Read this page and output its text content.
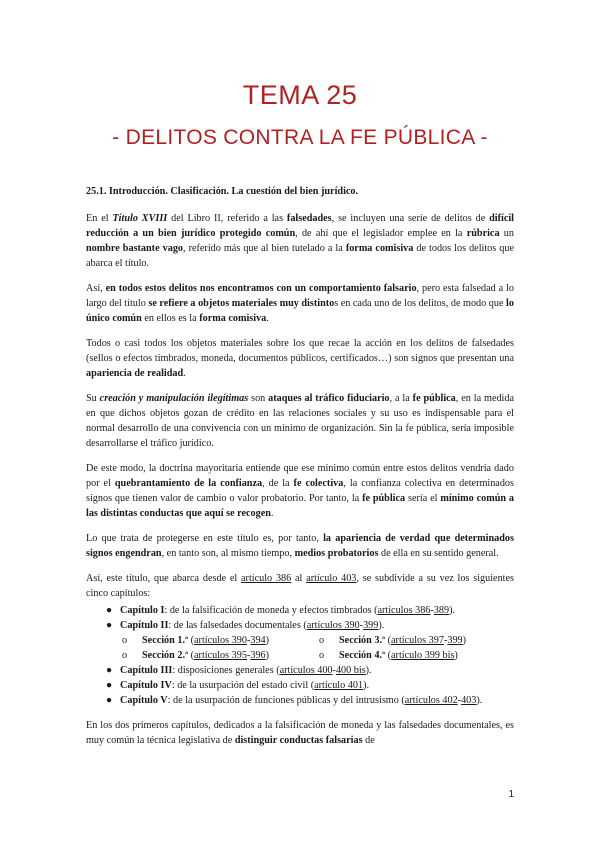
TEMA 25
- DELITOS CONTRA LA FE PÚBLICA -

25.1. Introducción. Clasificación. La cuestión del bien jurídico.

En el Título XVIII del Libro II, referido a las falsedades, se incluyen una serie de delitos de difícil reducción a un bien jurídico protegido común, de ahí que el legislador emplee en la rúbrica un nombre bastante vago, referido más que al bien tutelado a la forma comisiva de todos los delitos que abarca el título.

Así, en todos estos delitos nos encontramos con un comportamiento falsario, pero esta falsedad a lo largo del título se refiere a objetos materiales muy distintos en cada uno de los delitos, de modo que lo único común en ellos es la forma comisiva.

Todos o casi todos los objetos materiales sobre los que recae la acción en los delitos de falsedades (sellos o efectos timbrados, moneda, documentos públicos, certificados…) son signos que presentan una apariencia de realidad.

Su creación y manipulación ilegítimas son ataques al tráfico fiduciario, a la fe pública, en la medida en que dichos objetos gozan de crédito en las relaciones sociales y su uso es indispensable para el normal desarrollo de una convivencia con un mínimo de organización. Sin la fe pública, sería imposible desarrollarse el tráfico jurídico.

De este modo, la doctrina mayoritaria entiende que ese mínimo común entre estos delitos vendría dado por el quebrantamiento de la confianza, de la fe colectiva, la confianza colectiva en determinados signos que tienen valor de cambio o valor probatorio. Por tanto, la fe pública sería el mínimo común a las distintas conductas que aquí se recogen.

Lo que trata de protegerse en este título es, por tanto, la apariencia de verdad que determinados signos engendran, en tanto son, al mismo tiempo, medios probatorios de ella en su sentido general.

Así, este título, que abarca desde el artículo 386 al artículo 403, se subdivide a su vez los siguientes cinco capítulos:

● Capítulo I: de la falsificación de moneda y efectos timbrados (artículos 386-389).
● Capítulo II: de las falsedades documentales (artículos 390-399).
o Sección 1.ª (artículos 390-394)	o Sección 3.ª (artículos 397-399)
o Sección 2.ª (artículos 395-396)	o Sección 4.ª (artículo 399 bis)
● Capítulo III: disposiciones generales (artículos 400-400 bis).
● Capítulo IV: de la usurpación del estado civil (artículo 401).
● Capítulo V: de la usurpación de funciones públicas y del intrusismo (artículos 402-403).

En los dos primeros capítulos, dedicados a la falsificación de moneda y las falsedades documentales, es muy común la técnica legislativa de distinguir conductas falsarias de

1
